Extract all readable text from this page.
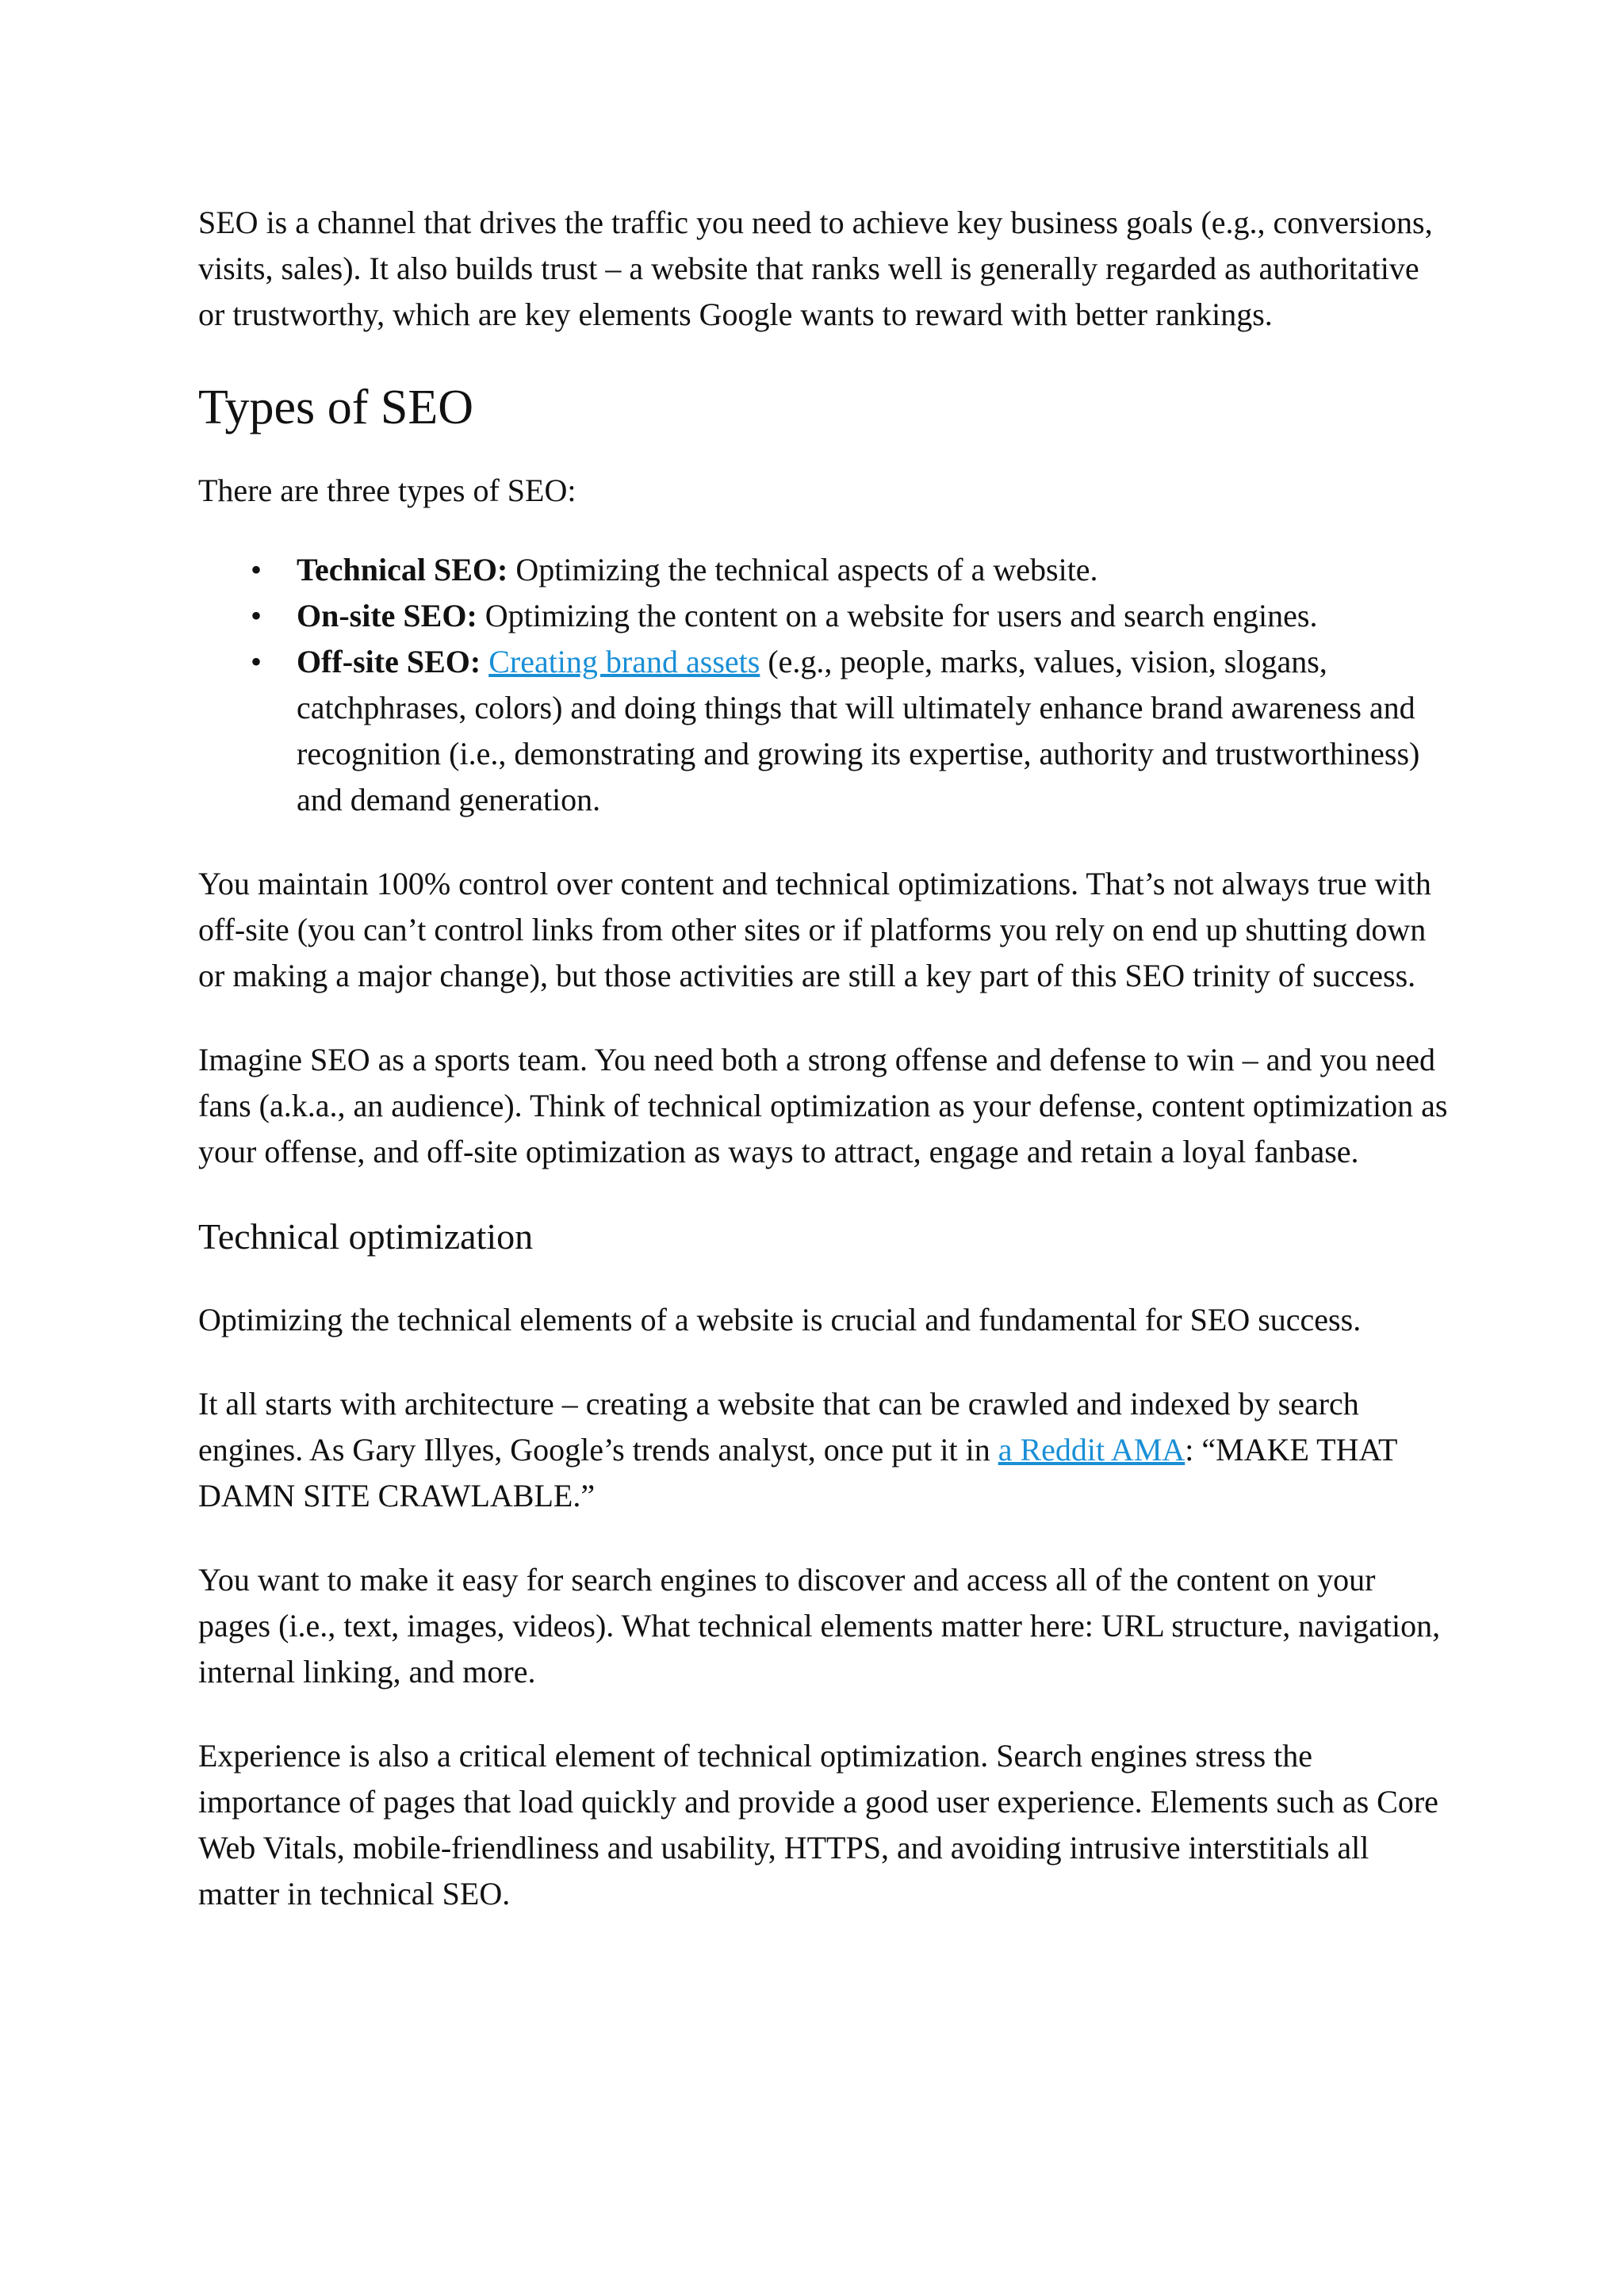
SEO is a channel that drives the traffic you need to achieve key business goals (e.g., conversions, visits, sales). It also builds trust – a website that ranks well is generally regarded as authoritative or trustworthy, which are key elements Google wants to reward with better rankings.

Types of SEO

There are three types of SEO:

• Technical SEO: Optimizing the technical aspects of a website.
• On-site SEO: Optimizing the content on a website for users and search engines.
• Off-site SEO: Creating brand assets (e.g., people, marks, values, vision, slogans, catchphrases, colors) and doing things that will ultimately enhance brand awareness and recognition (i.e., demonstrating and growing its expertise, authority and trustworthiness) and demand generation.

You maintain 100% control over content and technical optimizations. That’s not always true with off-site (you can’t control links from other sites or if platforms you rely on end up shutting down or making a major change), but those activities are still a key part of this SEO trinity of success.

Imagine SEO as a sports team. You need both a strong offense and defense to win – and you need fans (a.k.a., an audience). Think of technical optimization as your defense, content optimization as your offense, and off-site optimization as ways to attract, engage and retain a loyal fanbase.

Technical optimization

Optimizing the technical elements of a website is crucial and fundamental for SEO success.

It all starts with architecture – creating a website that can be crawled and indexed by search engines. As Gary Illyes, Google’s trends analyst, once put it in a Reddit AMA: “MAKE THAT DAMN SITE CRAWLABLE.”

You want to make it easy for search engines to discover and access all of the content on your pages (i.e., text, images, videos). What technical elements matter here: URL structure, navigation, internal linking, and more.

Experience is also a critical element of technical optimization. Search engines stress the importance of pages that load quickly and provide a good user experience. Elements such as Core Web Vitals, mobile-friendliness and usability, HTTPS, and avoiding intrusive interstitials all matter in technical SEO.
